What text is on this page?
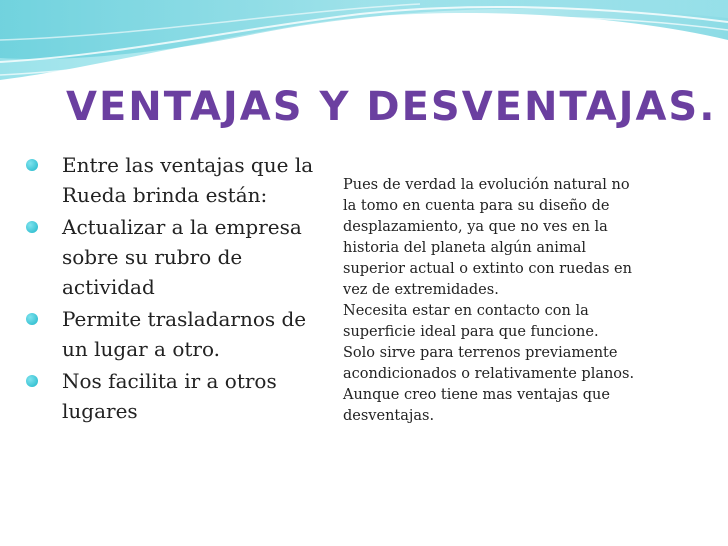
VENTAJAS Y DESVENTAJAS.
Entre las ventajas que la Rueda brinda están:
Actualizar a la empresa sobre su rubro de actividad
Permite trasladarnos de un lugar a otro.
Nos facilita ir a otros lugares

Pues de verdad la evolución natural no la tomo en cuenta para su diseño de desplazamiento, ya que no ves en la historia del planeta algún animal superior actual o extinto con ruedas en vez de extremidades.

Necesita estar en contacto con la superficie ideal para que funcione.

Solo sirve para terrenos previamente acondicionados o relativamente planos.

Aunque creo tiene mas ventajas que desventajas.
